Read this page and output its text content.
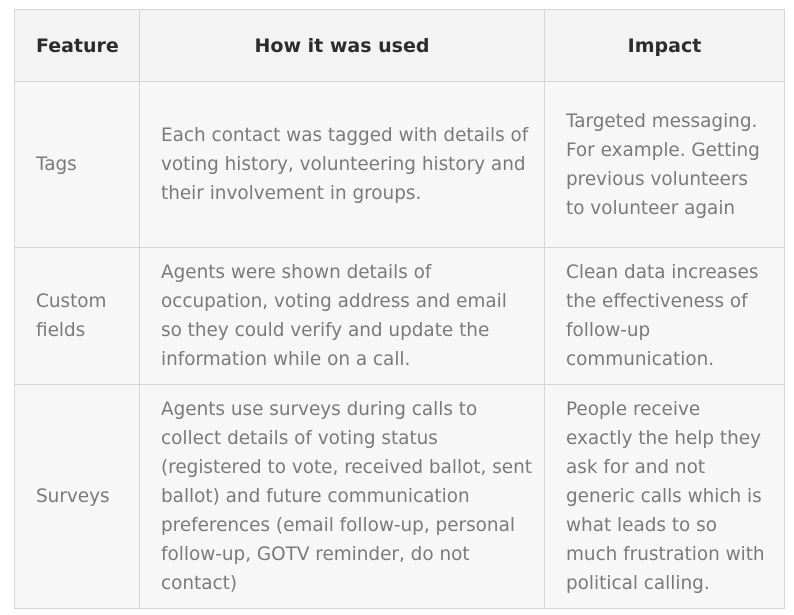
Feature	How it was used	Impact
Tags	Each contact was tagged with details of voting history, volunteering history and their involvement in groups.	Targeted messaging. For example. Getting previous volunteers to volunteer again
Custom fields	Agents were shown details of occupation, voting address and email so they could verify and update the information while on a call.	Clean data increases the effectiveness of follow-up communication.
Surveys	Agents use surveys during calls to collect details of voting status (registered to vote, received ballot, sent ballot) and future communication preferences (email follow-up, personal follow-up, GOTV reminder, do not contact)	People receive exactly the help they ask for and not generic calls which is what leads to so much frustration with political calling.
